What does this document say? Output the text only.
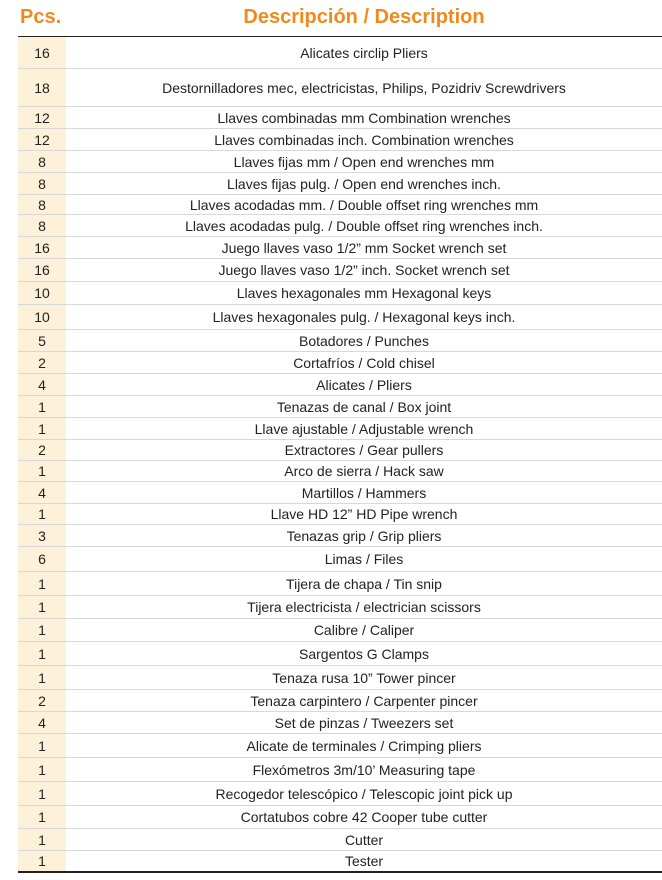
Pcs.	Descripción / Description
16	Alicates circlip Pliers
18	Destornilladores mec, electricistas, Philips, Pozidriv Screwdrivers
12	Llaves combinadas mm Combination wrenches
12	Llaves combinadas inch. Combination wrenches
8	Llaves fijas mm / Open end wrenches mm
8	Llaves fijas pulg. / Open end wrenches inch.
8	Llaves acodadas mm. / Double offset ring wrenches mm
8	Llaves acodadas pulg. / Double offset ring wrenches inch.
16	Juego llaves vaso 1/2” mm Socket wrench set
16	Juego llaves vaso 1/2” inch. Socket wrench set
10	Llaves hexagonales mm Hexagonal keys
10	Llaves hexagonales pulg. / Hexagonal keys inch.
5	Botadores / Punches
2	Cortafríos / Cold chisel
4	Alicates / Pliers
1	Tenazas de canal / Box joint
1	Llave ajustable / Adjustable wrench
2	Extractores / Gear pullers
1	Arco de sierra / Hack saw
4	Martillos / Hammers
1	Llave HD 12” HD Pipe wrench
3	Tenazas grip / Grip pliers
6	Limas / Files
1	Tijera de chapa / Tin snip
1	Tijera electricista / electrician scissors
1	Calibre / Caliper
1	Sargentos G Clamps
1	Tenaza rusa 10” Tower pincer
2	Tenaza carpintero / Carpenter pincer
4	Set de pinzas / Tweezers set
1	Alicate de terminales / Crimping pliers
1	Flexómetros 3m/10’ Measuring tape
1	Recogedor telescópico / Telescopic joint pick up
1	Cortatubos cobre 42 Cooper tube cutter
1	Cutter
1	Tester
